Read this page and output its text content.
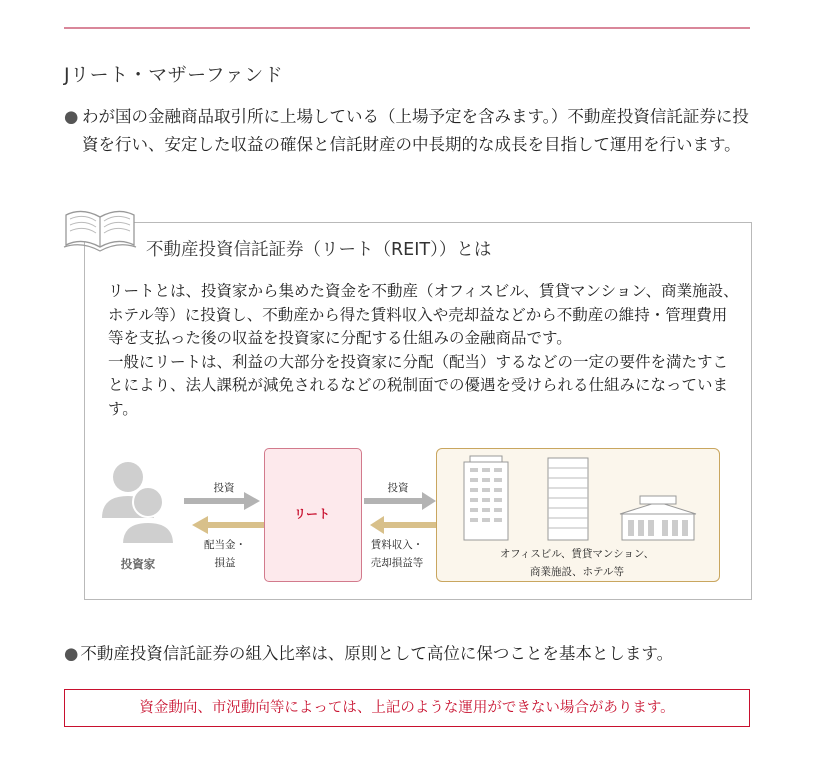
Jリート・マザーファンド
● わが国の金融商品取引所に上場している（上場予定を含みます。）不動産投資信託証券に投資を行い、安定した収益の確保と信託財産の中長期的な成長を目指して運用を行います。
不動産投資信託証券（リート（REIT））とは

リートとは、投資家から集めた資金を不動産（オフィスビル、賃貸マンション、商業施設、ホテル等）に投資し、不動産から得た賃料収入や売却益などから不動産の維持・管理費用等を支払った後の収益を投資家に分配する仕組みの金融商品です。

一般にリートは、利益の大部分を投資家に分配（配当）するなどの一定の要件を満たすことにより、法人課税が減免されるなどの税制面での優遇を受けられる仕組みになっています。

リート
投資
配当金・
損益
投資
賃料収入・
売却損益等
オフィスビル、賃貸マンション、
商業施設、ホテル等
投資家
● 不動産投資信託証券の組入比率は、原則として高位に保つことを基本とします。
資金動向、市況動向等によっては、上記のような運用ができない場合があります。
